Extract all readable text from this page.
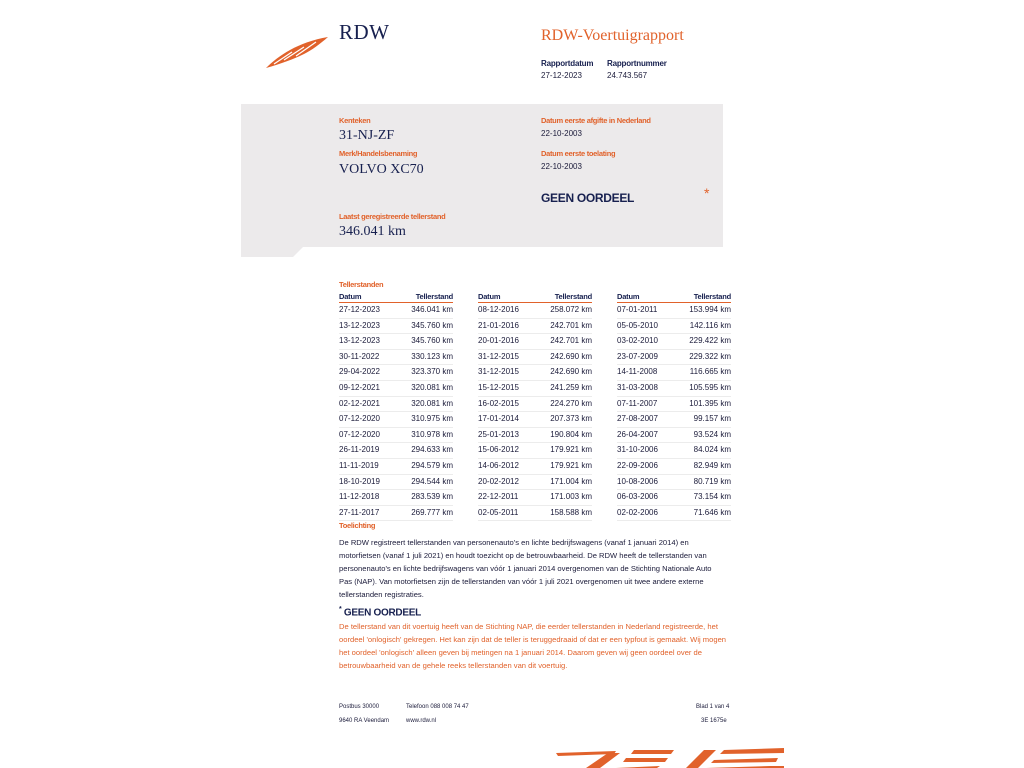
RDW	RDW-Voertuigrapport
Rapportdatum Rapportnummer
27-12-2023	24.743.567
Kenteken
31-NJ-ZF
Merk/Handelsbenaming
VOLVO XC70
Datum eerste afgifte in Nederland
22-10-2003
Datum eerste toelating
22-10-2003
GEEN OORDEEL	*
Laatst geregistreerde tellerstand
346.041 km
Tellerstanden
Datum	Tellerstand
27-12-2023	346.041 km
13-12-2023	345.760 km
13-12-2023	345.760 km
30-11-2022	330.123 km
29-04-2022	323.370 km
09-12-2021	320.081 km
02-12-2021	320.081 km
07-12-2020	310.975 km
07-12-2020	310.978 km
26-11-2019	294.633 km
11-11-2019	294.579 km
18-10-2019	294.544 km
11-12-2018	283.539 km
27-11-2017	269.777 km
Datum	Tellerstand
08-12-2016	258.072 km
21-01-2016	242.701 km
20-01-2016	242.701 km
31-12-2015	242.690 km
31-12-2015	242.690 km
15-12-2015	241.259 km
16-02-2015	224.270 km
17-01-2014	207.373 km
25-01-2013	190.804 km
15-06-2012	179.921 km
14-06-2012	179.921 km
20-02-2012	171.004 km
22-12-2011	171.003 km
02-05-2011	158.588 km
Datum	Tellerstand
07-01-2011	153.994 km
05-05-2010	142.116 km
03-02-2010	229.422 km
23-07-2009	229.322 km
14-11-2008	116.665 km
31-03-2008	105.595 km
07-11-2007	101.395 km
27-08-2007	99.157 km
26-04-2007	93.524 km
31-10-2006	84.024 km
22-09-2006	82.949 km
10-08-2006	80.719 km
06-03-2006	73.154 km
02-02-2006	71.646 km
Toelichting

De RDW registreert tellerstanden van personenauto's en lichte bedrijfswagens (vanaf 1 januari 2014) en motorfietsen (vanaf 1 juli 2021) en houdt toezicht op de betrouwbaarheid. De RDW heeft de tellerstanden van personenauto's en lichte bedrijfswagens van vóór 1 januari 2014 overgenomen van de Stichting Nationale Auto Pas (NAP). Van motorfietsen zijn de tellerstanden van vóór 1 juli 2021 overgenomen uit twee andere externe tellerstanden registraties.

* GEEN OORDEEL

De tellerstand van dit voertuig heeft van de Stichting NAP, die eerder tellerstanden in Nederland registreerde, het oordeel 'onlogisch' gekregen. Het kan zijn dat de teller is teruggedraaid of dat er een typfout is gemaakt. Wij mogen het oordeel 'onlogisch' alleen geven bij metingen na 1 januari 2014. Daarom geven wij geen oordeel over de betrouwbaarheid van de gehele reeks tellerstanden van dit voertuig.

Postbus 30000
9640 RA Veendam
Telefoon 088 008 74 47
www.rdw.nl
Blad 1 van 4
3E 1675e
